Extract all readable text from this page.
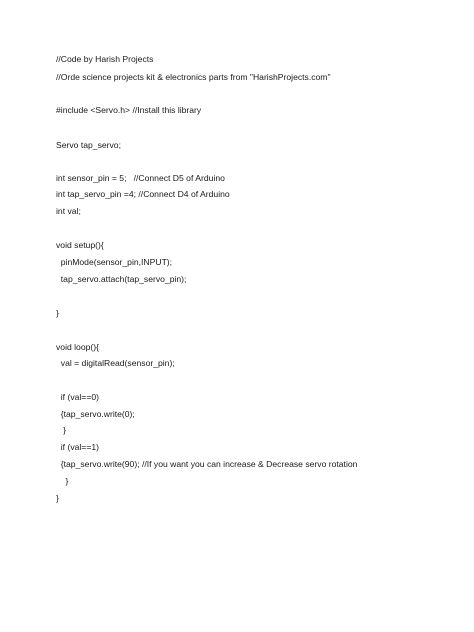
//Code by Harish Projects
//Orde science projects kit & electronics parts from "HarishProjects.com"
#include <Servo.h> //Install this library
Servo tap_servo;
int sensor_pin = 5;   //Connect D5 of Arduino
int tap_servo_pin =4; //Connect D4 of Arduino
int val;
void setup(){
pinMode(sensor_pin,INPUT);
tap_servo.attach(tap_servo_pin);
}
void loop(){
val = digitalRead(sensor_pin);
if (val==0)
{tap_servo.write(0);
}
if (val==1)
{tap_servo.write(90); //If you want you can increase & Decrease servo rotation
}
}
